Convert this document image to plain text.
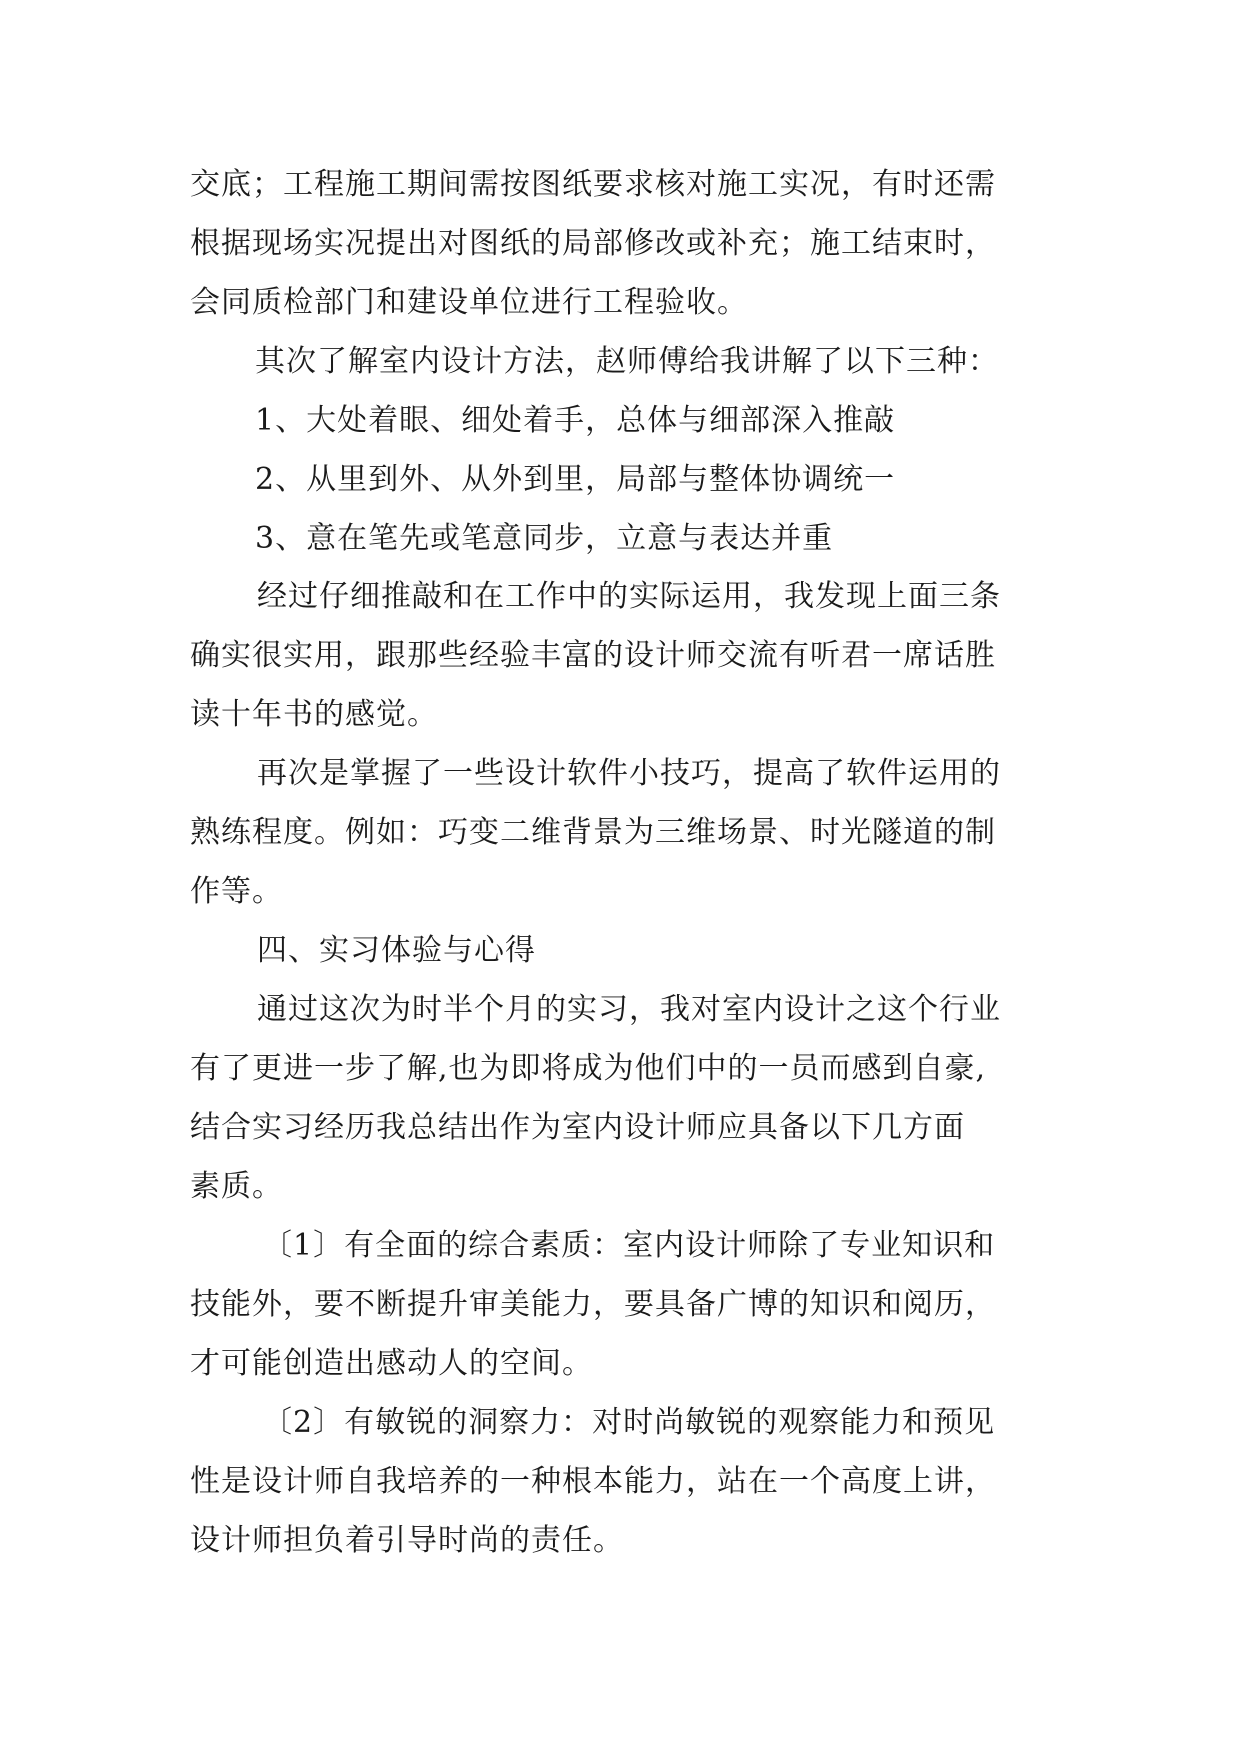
交底；工程施工期间需按图纸要求核对施工实况，有时还需
根据现场实况提出对图纸的局部修改或补充；施工结束时，
会同质检部门和建设单位进行工程验收。
其次了解室内设计方法，赵师傅给我讲解了以下三种：
1、大处着眼、细处着手，总体与细部深入推敲
2、从里到外、从外到里，局部与整体协调统一
3、意在笔先或笔意同步，立意与表达并重
经过仔细推敲和在工作中的实际运用，我发现上面三条
确实很实用，跟那些经验丰富的设计师交流有听君一席话胜
读十年书的感觉。
再次是掌握了一些设计软件小技巧，提高了软件运用的
熟练程度。例如：巧变二维背景为三维场景、时光隧道的制
作等。
四、实习体验与心得
通过这次为时半个月的实习，我对室内设计之这个行业
有了更进一步了解,也为即将成为他们中的一员而感到自豪,
结合实习经历我总结出作为室内设计师应具备以下几方面
素质。
〔1〕有全面的综合素质：室内设计师除了专业知识和
技能外，要不断提升审美能力，要具备广博的知识和阅历，
才可能创造出感动人的空间。
〔2〕有敏锐的洞察力：对时尚敏锐的观察能力和预见
性是设计师自我培养的一种根本能力，站在一个高度上讲，
设计师担负着引导时尚的责任。
